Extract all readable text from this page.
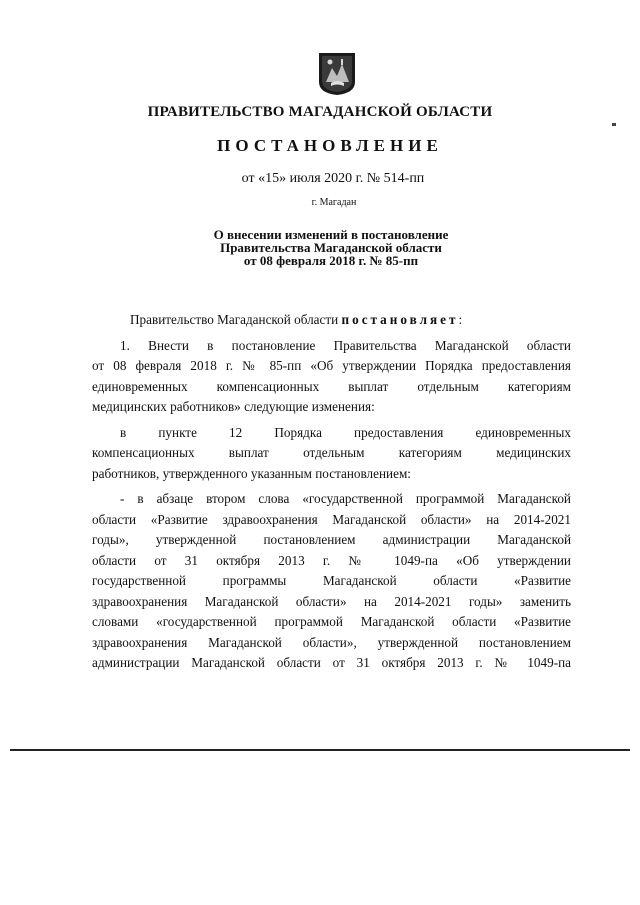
ПРАВИТЕЛЬСТВО МАГАДАНСКОЙ ОБЛАСТИ
ПОСТАНОВЛЕНИЕ
от «15» июля 2020 г. № 514-пп
г. Магадан
О внесении изменений в постановление
Правительства Магаданской области
от 08 февраля 2018 г. № 85-пп

Правительство Магаданской области постановляет:

1. Внести в постановление Правительства Магаданской области
от 08 февраля 2018 г. № 85-пп «Об утверждении Порядка предоставления
единовременных компенсационных выплат отдельным категориям
медицинских работников» следующие изменения:
в пункте 12 Порядка предоставления единовременных
компенсационных выплат отдельным категориям медицинских
работников, утвержденного указанным постановлением:
- в абзаце втором слова «государственной программой Магаданской
области «Развитие здравоохранения Магаданской области» на 2014-2021
годы», утвержденной постановлением администрации Магаданской
области от 31 октября 2013 г. № 1049-па «Об утверждении
государственной программы Магаданской области «Развитие
здравоохранения Магаданской области» на 2014-2021 годы» заменить
словами «государственной программой Магаданской области «Развитие
здравоохранения Магаданской области», утвержденной постановлением
администрации Магаданской области от 31 октября 2013 г. № 1049-па
